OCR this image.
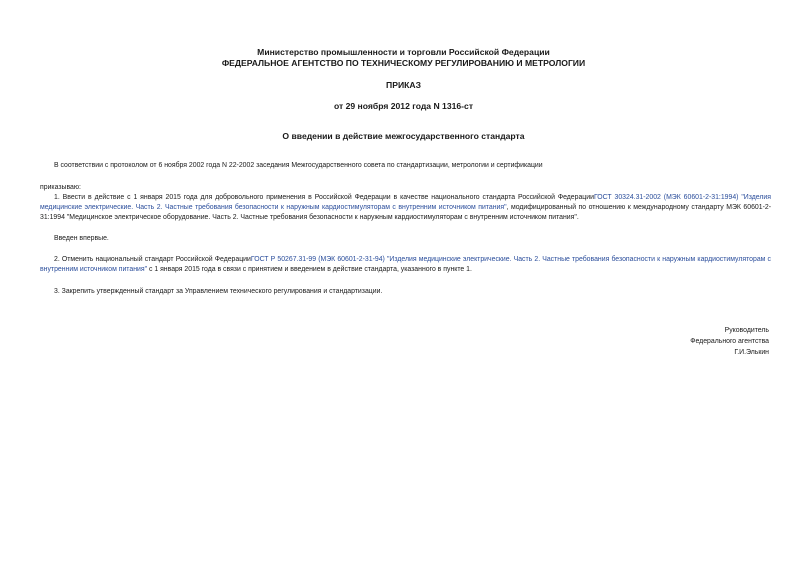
Министерство промышленности и торговли Российской Федерации
ФЕДЕРАЛЬНОЕ АГЕНТСТВО ПО ТЕХНИЧЕСКОМУ РЕГУЛИРОВАНИЮ И МЕТРОЛОГИИ
ПРИКАЗ
от 29 ноября 2012 года N 1316-ст
О введении в действие межгосударственного стандарта
В соответствии с протоколом от 6 ноября 2002 года N 22-2002 заседания Межгосударственного совета по стандартизации, метрологии и сертификации
приказываю:
1. Ввести в действие с 1 января 2015 года для добровольного применения в Российской Федерации в качестве национального стандарта Российской ФедерацииГОСТ 30324.31-2002 (МЭК 60601-2-31:1994) "Изделия медицинские электрические. Часть 2. Частные требования безопасности к наружным кардиостимуляторам с внутренним источником питания", модифицированный по отношению к международному стандарту МЭК 60601-2-31:1994 "Медицинское электрическое оборудование. Часть 2. Частные требования безопасности к наружным кардиостимуляторам с внутренним источником питания".
Введен впервые.
2. Отменить национальный стандарт Российской ФедерацииГОСТ Р 50267.31-99 (МЭК 60601-2-31-94) "Изделия медицинские электрические. Часть 2. Частные требования безопасности к наружным кардиостимуляторам с внутренним источником питания" с 1 января 2015 года в связи с принятием и введением в действие стандарта, указанного в пункте 1.
3. Закрепить утвержденный стандарт за Управлением технического регулирования и стандартизации.
Руководитель
Федерального агентства
Г.И.Элькин
